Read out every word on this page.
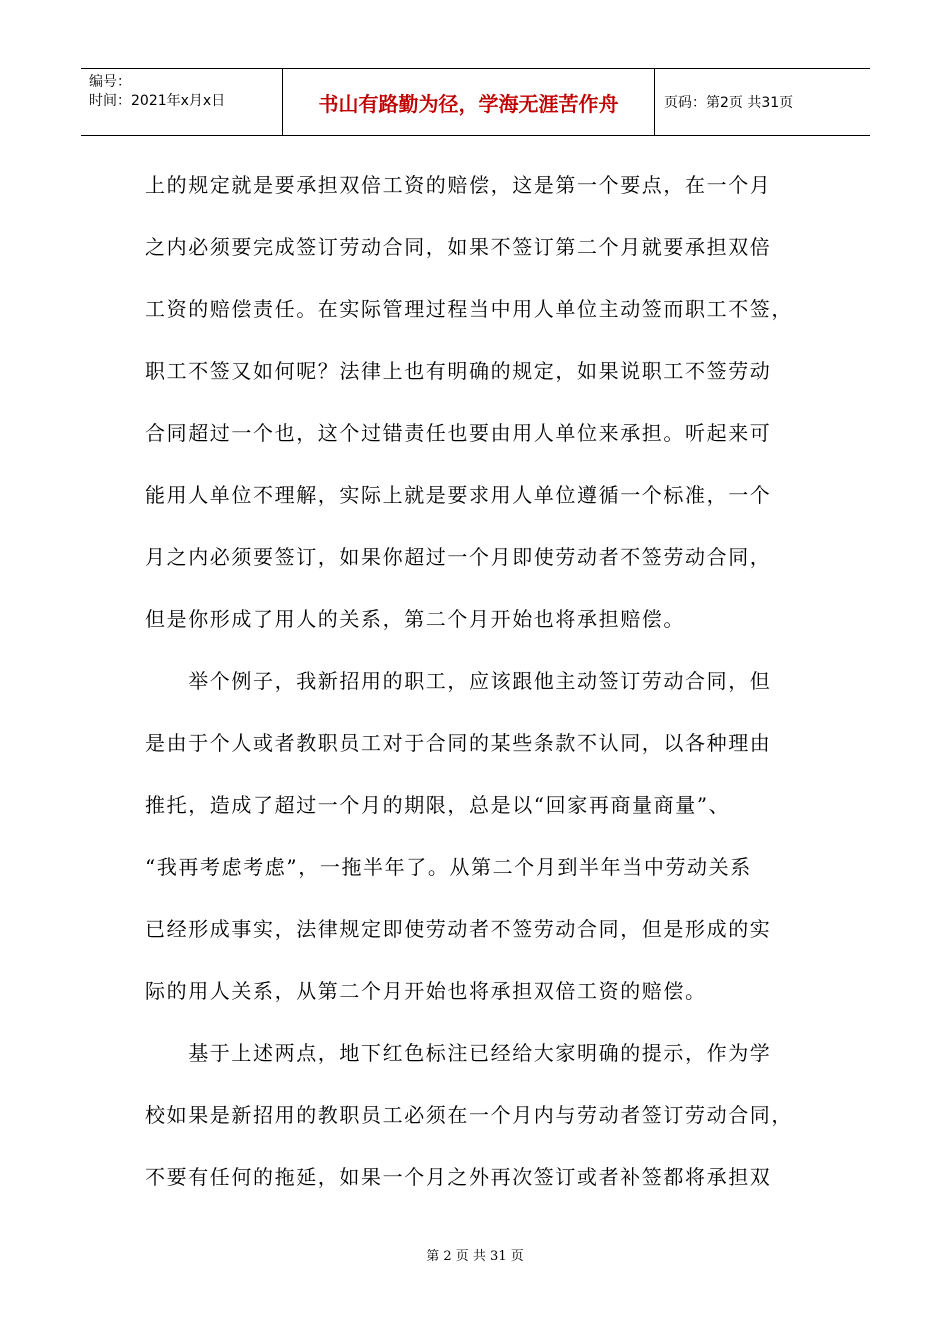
编号：
时间：2021年x月x日	书山有路勤为径，学海无涯苦作舟	页码：第2页 共31页
上的规定就是要承担双倍工资的赔偿，这是第一个要点，在一个月
之内必须要完成签订劳动合同，如果不签订第二个月就要承担双倍
工资的赔偿责任。在实际管理过程当中用人单位主动签而职工不签，
职工不签又如何呢？法律上也有明确的规定，如果说职工不签劳动
合同超过一个也，这个过错责任也要由用人单位来承担。听起来可
能用人单位不理解，实际上就是要求用人单位遵循一个标准，一个
月之内必须要签订，如果你超过一个月即使劳动者不签劳动合同，
但是你形成了用人的关系，第二个月开始也将承担赔偿。
　　举个例子，我新招用的职工，应该跟他主动签订劳动合同，但
是由于个人或者教职员工对于合同的某些条款不认同，以各种理由
推托，造成了超过一个月的期限，总是以“回家再商量商量”、
“我再考虑考虑”，一拖半年了。从第二个月到半年当中劳动关系
已经形成事实，法律规定即使劳动者不签劳动合同，但是形成的实
际的用人关系，从第二个月开始也将承担双倍工资的赔偿。
　　基于上述两点，地下红色标注已经给大家明确的提示，作为学
校如果是新招用的教职员工必须在一个月内与劳动者签订劳动合同，
不要有任何的拖延，如果一个月之外再次签订或者补签都将承担双
第 2 页 共 31 页
